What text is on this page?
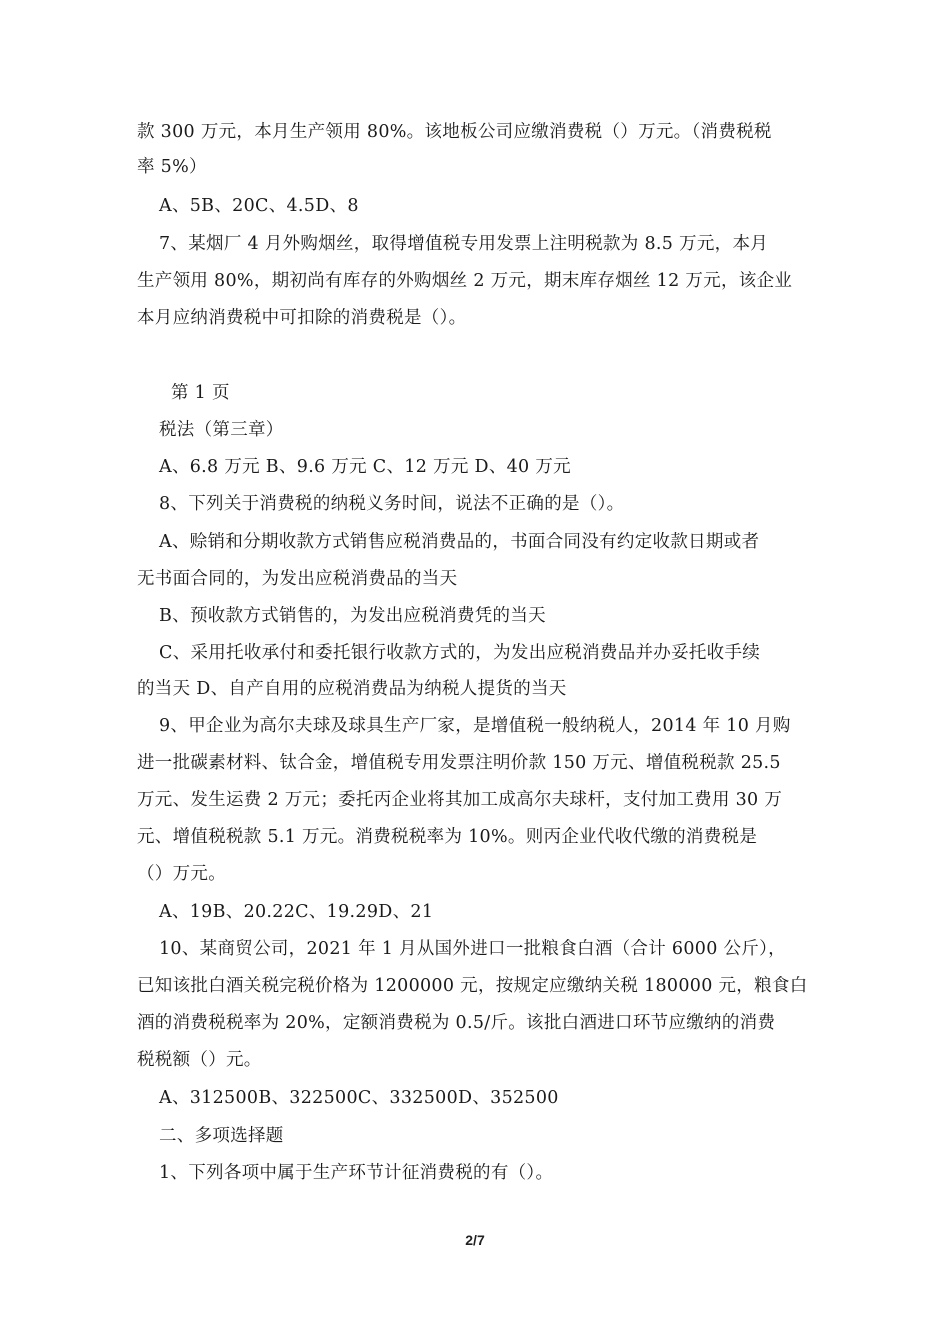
款 300 万元，本月生产领用 80%。该地板公司应缴消费税（）万元。（消费税税
率 5%）
A、5B、20C、4.5D、8
7、某烟厂 4 月外购烟丝，取得增值税专用发票上注明税款为 8.5 万元，本月
生产领用 80%，期初尚有库存的外购烟丝 2 万元，期末库存烟丝 12 万元，该企业
本月应纳消费税中可扣除的消费税是（）。
第 1 页
税法（第三章）
A、6.8 万元 B、9.6 万元 C、12 万元 D、40 万元
8、下列关于消费税的纳税义务时间，说法不正确的是（）。
A、赊销和分期收款方式销售应税消费品的，书面合同没有约定收款日期或者
无书面合同的，为发出应税消费品的当天
B、预收款方式销售的，为发出应税消费凭的当天
C、采用托收承付和委托银行收款方式的，为发出应税消费品并办妥托收手续
的当天 D、自产自用的应税消费品为纳税人提货的当天
9、甲企业为高尔夫球及球具生产厂家，是增值税一般纳税人，2014 年 10 月购
进一批碳素材料、钛合金，增值税专用发票注明价款 150 万元、增值税税款 25.5
万元、发生运费 2 万元；委托丙企业将其加工成高尔夫球杆，支付加工费用 30 万
元、增值税税款 5.1 万元。消费税税率为 10%。则丙企业代收代缴的消费税是
（）万元。
A、19B、20.22C、19.29D、21
10、某商贸公司，2021 年 1 月从国外进口一批粮食白酒（合计 6000 公斤），
已知该批白酒关税完税价格为 1200000 元，按规定应缴纳关税 180000 元，粮食白
酒的消费税税率为 20%，定额消费税为 0.5/斤。该批白酒进口环节应缴纳的消费
税税额（）元。
A、312500B、322500C、332500D、352500
二、多项选择题
1、下列各项中属于生产环节计征消费税的有（）。
2/7
